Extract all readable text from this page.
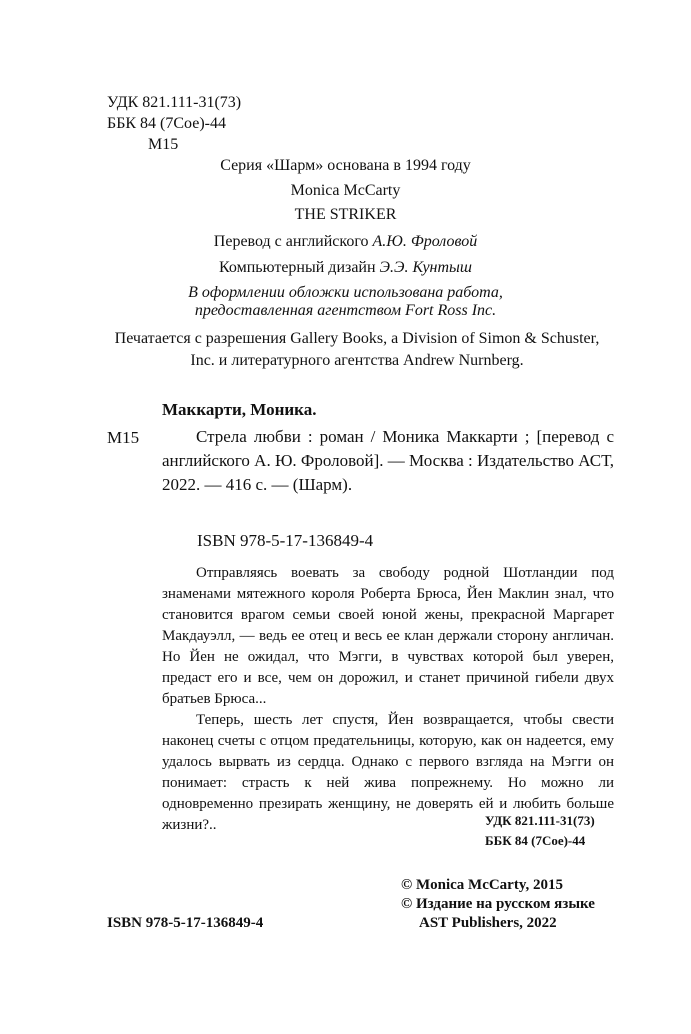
УДК 821.111-31(73)
ББК 84 (7Сое)-44
М15
Серия «Шарм» основана в 1994 году
Monica McCarty
THE STRIKER
Перевод с английского А.Ю. Фроловой
Компьютерный дизайн Э.Э. Кунтыш
В оформлении обложки использована работа,
предоставленная агентством Fort Ross Inc.
Печатается с разрешения Gallery Books, a Division of Simon & Schuster, Inc. и литературного агентства Andrew Nurnberg.
Маккарти, Моника.
М15	Стрела любви : роман / Моника Маккарти ; [перевод с английского А. Ю. Фроловой]. — Москва : Издательство АСТ, 2022. — 416 с. — (Шарм).
ISBN 978-5-17-136849-4

Отправляясь воевать за свободу родной Шотландии под знаменами мятежного короля Роберта Брюса, Йен Маклин знал, что становится врагом семьи своей юной жены, прекрасной Маргарет Макдауэлл, — ведь ее отец и весь ее клан держали сторону англичан. Но Йен не ожидал, что Мэгги, в чувствах которой был уверен, предаст его и все, чем он дорожил, и станет причиной гибели двух братьев Брюса...

Теперь, шесть лет спустя, Йен возвращается, чтобы свести наконец счеты с отцом предательницы, которую, как он надеется, ему удалось вырвать из сердца. Однако с первого взгляда на Мэгги он понимает: страсть к ней жива попрежнему. Но можно ли одновременно презирать женщину, не доверять ей и любить больше жизни?..	УДК 821.111-31(73)
ББК 84 (7Сое)-44
© Monica McCarty, 2015
© Издание на русском языке
AST Publishers, 2022
ISBN 978-5-17-136849-4
